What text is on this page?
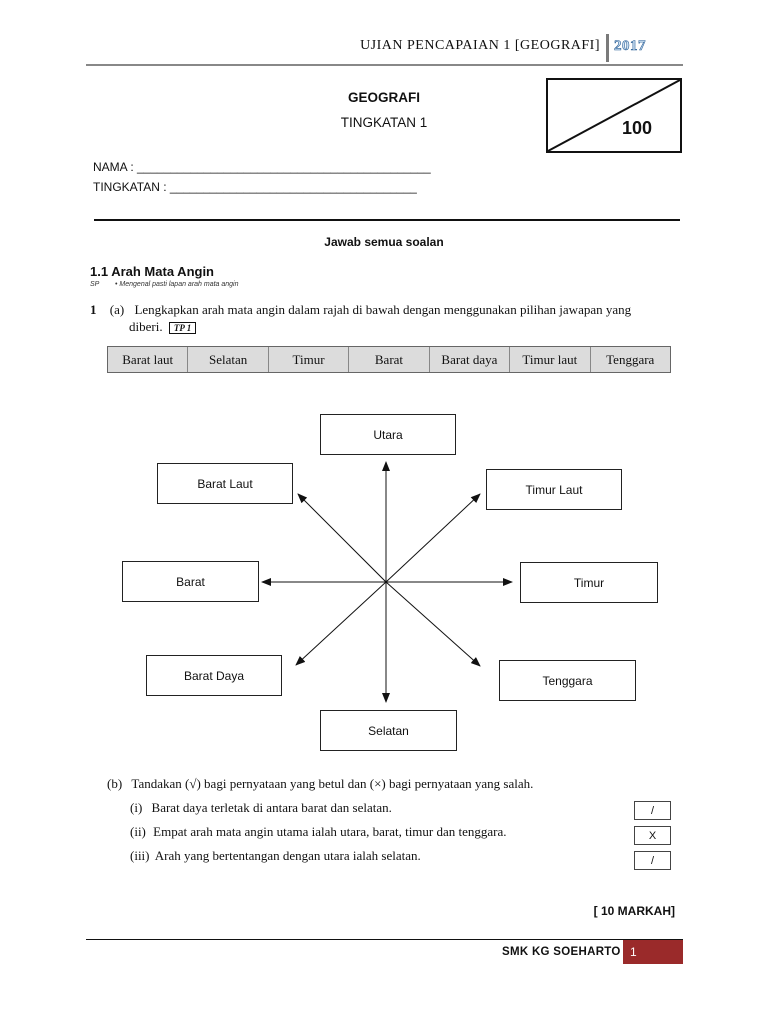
UJIAN PENCAPAIAN 1 [GEOGRAFI] 2017
GEOGRAFI
TINGKATAN 1	100
NAMA : ____________________________________________
TINGKATAN : _____________________________________
Jawab semua soalan
1.1 Arah Mata Angin
SP • Mengenal pasti lapan arah mata angin
1 (a) Lengkapkan arah mata angin dalam rajah di bawah dengan menggunakan pilihan jawapan yang
diberi. TP 1
Barat laut	Selatan	Timur	Barat	Barat daya	Timur laut	Tenggara
Utara
Barat Laut	Timur Laut
Barat	Timur
Barat Daya	Tenggara
Selatan
(b) Tandakan (√) bagi pernyataan yang betul dan (×) bagi pernyataan yang salah.
(i) Barat daya terletak di antara barat dan selatan.	/
(ii) Empat arah mata angin utama ialah utara, barat, timur dan tenggara.	X
(iii) Arah yang bertentangan dengan utara ialah selatan.	/
[ 10 MARKAH]
SMK KG SOEHARTO 1
